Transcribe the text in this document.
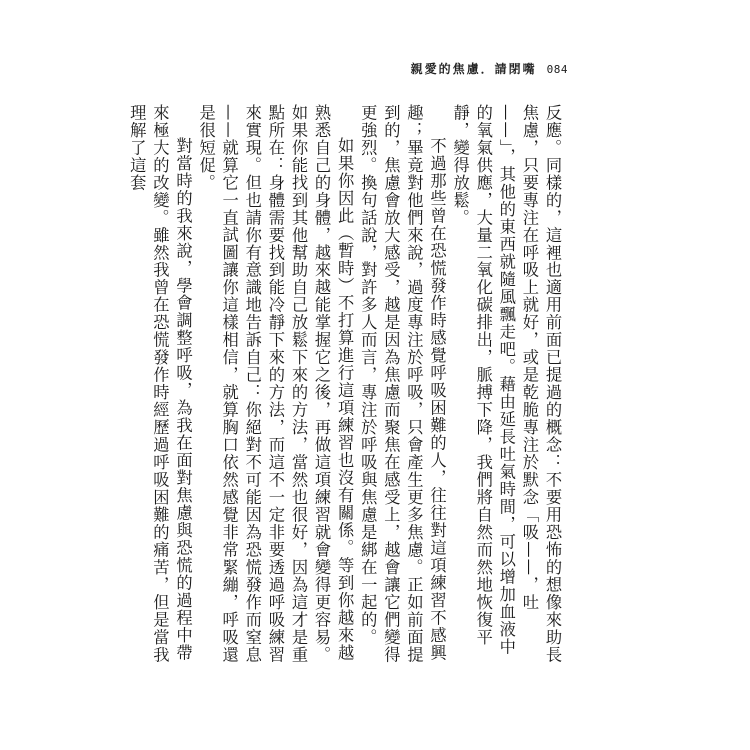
親愛的焦慮．請閉嘴 084

反應。同樣的，這裡也適用前面已提過的概念：不要用恐怖的想像來助長焦慮，只要專注在呼吸上就好，或是乾脆專注於默念「吸——，吐——」，其他的東西就隨風飄走吧。藉由延長吐氣時間，可以增加血液中的氧氣供應，大量二氧化碳排出，脈搏下降，我們將自然而然地恢復平靜，變得放鬆。

不過那些曾在恐慌發作時感覺呼吸困難的人，往往對這項練習不感興趣；畢竟對他們來說，過度專注於呼吸，只會產生更多焦慮。正如前面提到的，焦慮會放大感受，越是因為焦慮而聚焦在感受上，越會讓它們變得更強烈。換句話說，對許多人而言，專注於呼吸與焦慮是綁在一起的。

如果你因此（暫時）不打算進行這項練習也沒有關係。等到你越來越熟悉自己的身體，越來越能掌握它之後，再做這項練習就會變得更容易。如果你能找到其他幫助自己放鬆下來的方法，當然也很好，因為這才是重點所在：身體需要找到能冷靜下來的方法，而這不一定非要透過呼吸練習來實現。但也請你有意識地告訴自己：你絕對不可能因為恐慌發作而窒息——就算它一直試圖讓你這樣相信，就算胸口依然感覺非常緊繃，呼吸還是很短促。

對當時的我來說，學會調整呼吸，為我在面對焦慮與恐慌的過程中帶來極大的改變。雖然我曾在恐慌發作時經歷過呼吸困難的痛苦，但是當我理解了這套
